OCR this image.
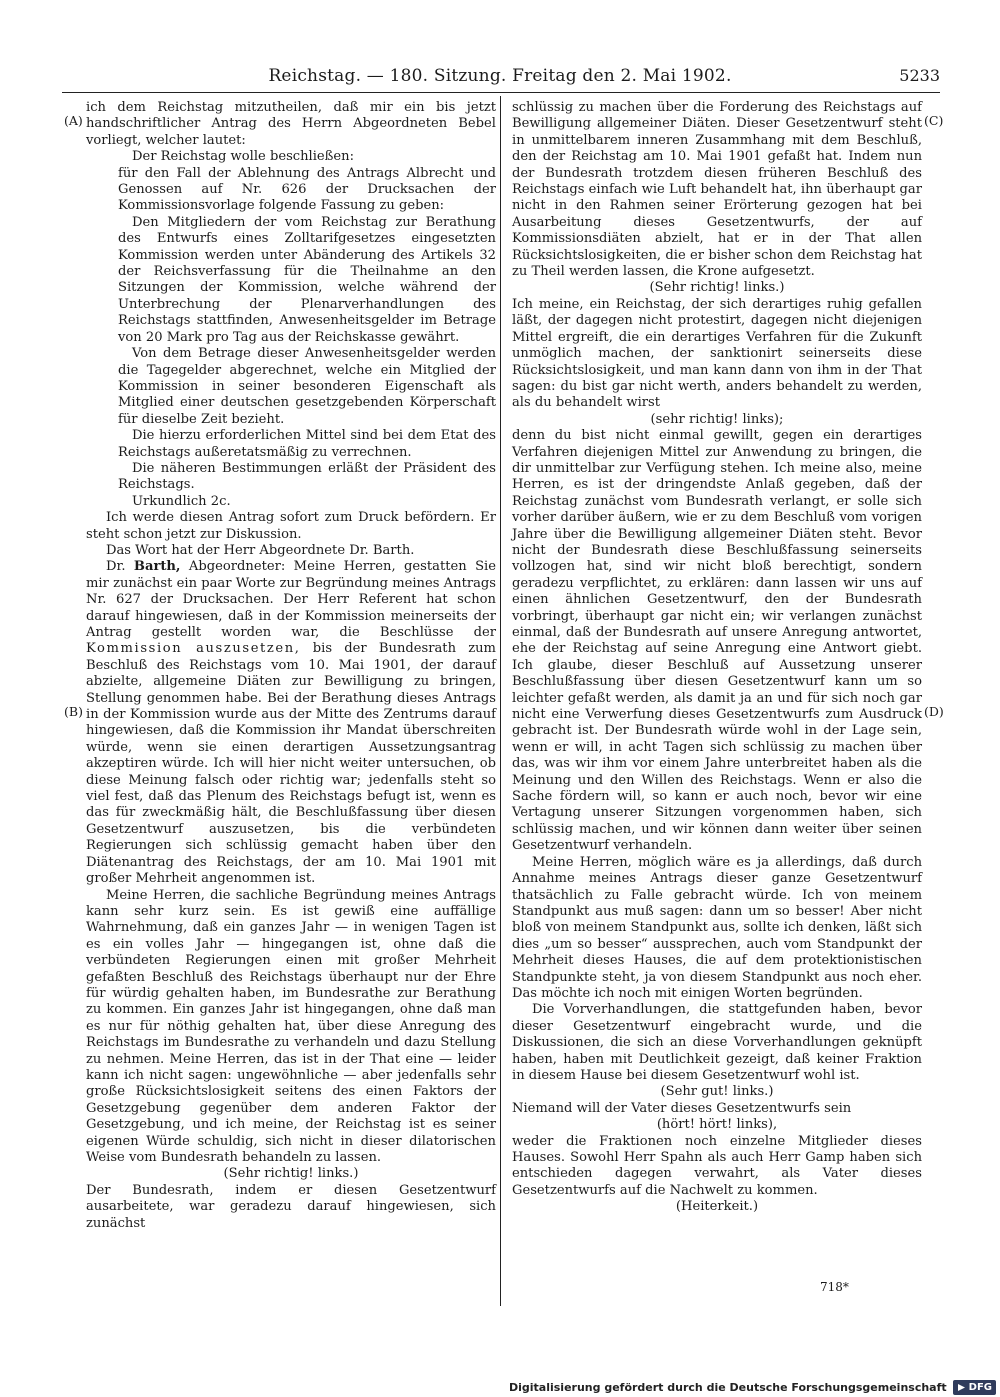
Reichstag. — 180. Sitzung. Freitag den 2. Mai 1902.	5233
(A)
(B)
(C)
(D)

ich dem Reichstag mitzutheilen, daß mir ein bis jetzt handschriftlicher Antrag des Herrn Abgeordneten Bebel vorliegt, welcher lautet:

Der Reichstag wolle beschließen:

für den Fall der Ablehnung des Antrags Albrecht und Genossen auf Nr. 626 der Drucksachen der Kommissionsvorlage folgende Fassung zu geben:

Den Mitgliedern der vom Reichstag zur Berathung des Entwurfs eines Zolltarifgesetzes eingesetzten Kommission werden unter Abänderung des Artikels 32 der Reichsverfassung für die Theilnahme an den Sitzungen der Kommission, welche während der Unterbrechung der Plenarverhandlungen des Reichstags stattfinden, Anwesenheitsgelder im Betrage von 20 Mark pro Tag aus der Reichskasse gewährt.

Von dem Betrage dieser Anwesenheitsgelder werden die Tagegelder abgerechnet, welche ein Mitglied der Kommission in seiner besonderen Eigenschaft als Mitglied einer deutschen gesetzgebenden Körperschaft für dieselbe Zeit bezieht.

Die hierzu erforderlichen Mittel sind bei dem Etat des Reichstags außeretatsmäßig zu verrechnen.

Die näheren Bestimmungen erläßt der Präsident des Reichstags.

Urkundlich 2c.

Ich werde diesen Antrag sofort zum Druck befördern. Er steht schon jetzt zur Diskussion.

Das Wort hat der Herr Abgeordnete Dr. Barth.

Dr. Barth, Abgeordneter: Meine Herren, gestatten Sie mir zunächst ein paar Worte zur Begründung meines Antrags Nr. 627 der Drucksachen. Der Herr Referent hat schon darauf hingewiesen, daß in der Kommission meinerseits der Antrag gestellt worden war, die Beschlüsse der Kommission auszusetzen, bis der Bundesrath zum Beschluß des Reichstags vom 10. Mai 1901, der darauf abzielte, allgemeine Diäten zur Bewilligung zu bringen, Stellung genommen habe. Bei der Berathung dieses Antrags in der Kommission wurde aus der Mitte des Zentrums darauf hingewiesen, daß die Kommission ihr Mandat überschreiten würde, wenn sie einen derartigen Aussetzungsantrag akzeptiren würde. Ich will hier nicht weiter untersuchen, ob diese Meinung falsch oder richtig war; jedenfalls steht so viel fest, daß das Plenum des Reichstags befugt ist, wenn es das für zweckmäßig hält, die Beschlußfassung über diesen Gesetzentwurf auszusetzen, bis die verbündeten Regierungen sich schlüssig gemacht haben über den Diätenantrag des Reichstags, der am 10. Mai 1901 mit großer Mehrheit angenommen ist.

Meine Herren, die sachliche Begründung meines Antrags kann sehr kurz sein. Es ist gewiß eine auffällige Wahrnehmung, daß ein ganzes Jahr — in wenigen Tagen ist es ein volles Jahr — hingegangen ist, ohne daß die verbündeten Regierungen einen mit großer Mehrheit gefaßten Beschluß des Reichstags überhaupt nur der Ehre für würdig gehalten haben, im Bundesrathe zur Berathung zu kommen. Ein ganzes Jahr ist hingegangen, ohne daß man es nur für nöthig gehalten hat, über diese Anregung des Reichstags im Bundesrathe zu verhandeln und dazu Stellung zu nehmen. Meine Herren, das ist in der That eine — leider kann ich nicht sagen: ungewöhnliche — aber jedenfalls sehr große Rücksichtslosigkeit seitens des einen Faktors der Gesetzgebung gegenüber dem anderen Faktor der Gesetzgebung, und ich meine, der Reichstag ist es seiner eigenen Würde schuldig, sich nicht in dieser dilatorischen Weise vom Bundesrath behandeln zu lassen.

(Sehr richtig! links.)

Der Bundesrath, indem er diesen Gesetzentwurf ausarbeitete, war geradezu darauf hingewiesen, sich zunächst

schlüssig zu machen über die Forderung des Reichstags auf Bewilligung allgemeiner Diäten. Dieser Gesetzentwurf steht in unmittelbarem inneren Zusammhang mit dem Beschluß, den der Reichstag am 10. Mai 1901 gefaßt hat. Indem nun der Bundesrath trotzdem diesen früheren Beschluß des Reichstags einfach wie Luft behandelt hat, ihn überhaupt gar nicht in den Rahmen seiner Erörterung gezogen hat bei Ausarbeitung dieses Gesetzentwurfs, der auf Kommissionsdiäten abzielt, hat er in der That allen Rücksichtslosigkeiten, die er bisher schon dem Reichstag hat zu Theil werden lassen, die Krone aufgesetzt.

(Sehr richtig! links.)

Ich meine, ein Reichstag, der sich derartiges ruhig gefallen läßt, der dagegen nicht protestirt, dagegen nicht diejenigen Mittel ergreift, die ein derartiges Verfahren für die Zukunft unmöglich machen, der sanktionirt seinerseits diese Rücksichtslosigkeit, und man kann dann von ihm in der That sagen: du bist gar nicht werth, anders behandelt zu werden, als du behandelt wirst

(sehr richtig! links);

denn du bist nicht einmal gewillt, gegen ein derartiges Verfahren diejenigen Mittel zur Anwendung zu bringen, die dir unmittelbar zur Verfügung stehen. Ich meine also, meine Herren, es ist der dringendste Anlaß gegeben, daß der Reichstag zunächst vom Bundesrath verlangt, er solle sich vorher darüber äußern, wie er zu dem Beschluß vom vorigen Jahre über die Bewilligung allgemeiner Diäten steht. Bevor nicht der Bundesrath diese Beschlußfassung seinerseits vollzogen hat, sind wir nicht bloß berechtigt, sondern geradezu verpflichtet, zu erklären: dann lassen wir uns auf einen ähnlichen Gesetzentwurf, den der Bundesrath vorbringt, überhaupt gar nicht ein; wir verlangen zunächst einmal, daß der Bundesrath auf unsere Anregung antwortet, ehe der Reichstag auf seine Anregung eine Antwort giebt. Ich glaube, dieser Beschluß auf Aussetzung unserer Beschlußfassung über diesen Gesetzentwurf kann um so leichter gefaßt werden, als damit ja an und für sich noch gar nicht eine Verwerfung dieses Gesetzentwurfs zum Ausdruck gebracht ist. Der Bundesrath würde wohl in der Lage sein, wenn er will, in acht Tagen sich schlüssig zu machen über das, was wir ihm vor einem Jahre unterbreitet haben als die Meinung und den Willen des Reichstags. Wenn er also die Sache fördern will, so kann er auch noch, bevor wir eine Vertagung unserer Sitzungen vorgenommen haben, sich schlüssig machen, und wir können dann weiter über seinen Gesetzentwurf verhandeln.

Meine Herren, möglich wäre es ja allerdings, daß durch Annahme meines Antrags dieser ganze Gesetzentwurf thatsächlich zu Falle gebracht würde. Ich von meinem Standpunkt aus muß sagen: dann um so besser! Aber nicht bloß von meinem Standpunkt aus, sollte ich denken, läßt sich dies „um so besser“ aussprechen, auch vom Standpunkt der Mehrheit dieses Hauses, die auf dem protektionistischen Standpunkte steht, ja von diesem Standpunkt aus noch eher. Das möchte ich noch mit einigen Worten begründen.

Die Vorverhandlungen, die stattgefunden haben, bevor dieser Gesetzentwurf eingebracht wurde, und die Diskussionen, die sich an diese Vorverhandlungen geknüpft haben, haben mit Deutlichkeit gezeigt, daß keiner Fraktion in diesem Hause bei diesem Gesetzentwurf wohl ist.

(Sehr gut! links.)

Niemand will der Vater dieses Gesetzentwurfs sein

(hört! hört! links),

weder die Fraktionen noch einzelne Mitglieder dieses Hauses. Sowohl Herr Spahn als auch Herr Gamp haben sich entschieden dagegen verwahrt, als Vater dieses Gesetzentwurfs auf die Nachwelt zu kommen.

(Heiterkeit.)

718*
Digitalisierung gefördert durch die Deutsche Forschungsgemeinschaft DFG
